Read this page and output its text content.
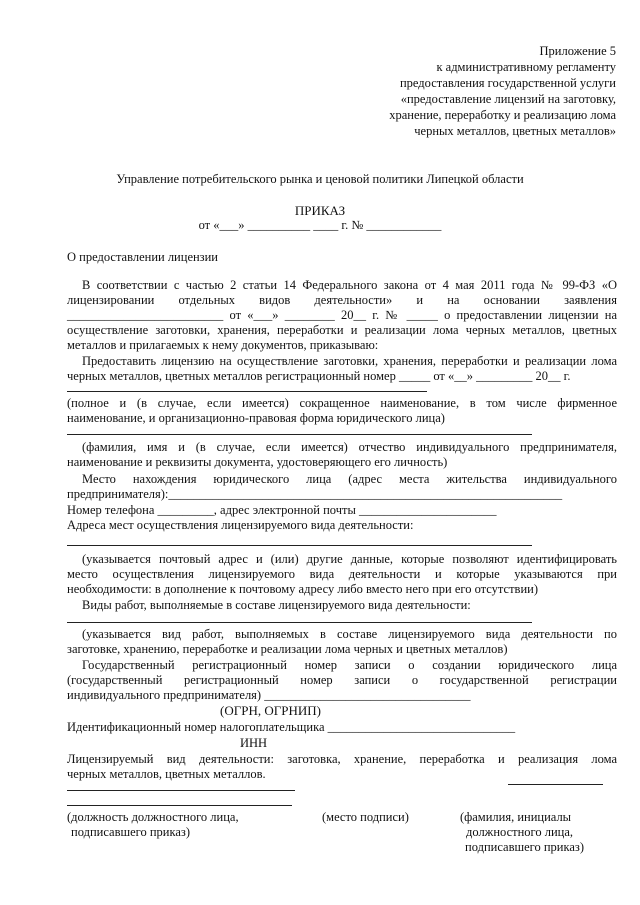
Приложение 5
к административному регламенту
предоставления государственной услуги
«предоставление лицензий на заготовку,
хранение, переработку и реализацию лома
черных металлов, цветных металлов»
Управление потребительского рынка и ценовой политики Липецкой области
ПРИКАЗ
от «___» __________ ____ г. № ____________
О предоставлении лицензии
В соответствии с частью 2 статьи 14 Федерального закона от 4 мая 2011 года № 99-ФЗ «О
лицензировании отдельных видов деятельности» и на основании заявления
_________________________ от «___» ________ 20__ г. № _____ о предоставлении лицензии на
осуществление заготовки, хранения, переработки и реализации лома черных металлов, цветных
металлов и прилагаемых к нему документов, приказываю:
Предоставить лицензию на осуществление заготовки, хранения, переработки и реализации лома
черных металлов, цветных металлов регистрационный номер _____ от «__» _________ 20__ г.
(полное и (в случае, если имеется) сокращенное наименование, в том числе фирменное
наименование, и организационно-правовая форма юридического лица)
(фамилия, имя и (в случае, если имеется) отчество индивидуального предпринимателя,
наименование и реквизиты документа, удостоверяющего его личность)
Место нахождения юридического лица (адрес места жительства индивидуального
предпринимателя):_______________________________________________________________
Номер телефона _________, адрес электронной почты ______________________
Адреса мест осуществления лицензируемого вида деятельности:
(указывается почтовый адрес и (или) другие данные, которые позволяют идентифицировать
место осуществления лицензируемого вида деятельности и которые указываются при
необходимости: в дополнение к почтовому адресу либо вместо него при его отсутствии)
Виды работ, выполняемые в составе лицензируемого вида деятельности:
(указывается вид работ, выполняемых в составе лицензируемого вида деятельности по
заготовке, хранению, переработке и реализации лома черных и цветных металлов)
Государственный регистрационный номер записи о создании юридического лица
(государственный регистрационный номер записи о государственной регистрации
индивидуального предпринимателя) _________________________________
(ОГРН, ОГРНИП)
Идентификационный номер налогоплательщика ______________________________
ИНН
Лицензируемый вид деятельности: заготовка, хранение, переработка и реализация лома
черных металлов, цветных металлов.
(должность должностного лица,
подписавшего приказ)
(место подписи)	(фамилия, инициалы
должностного лица,
подписавшего приказ)
